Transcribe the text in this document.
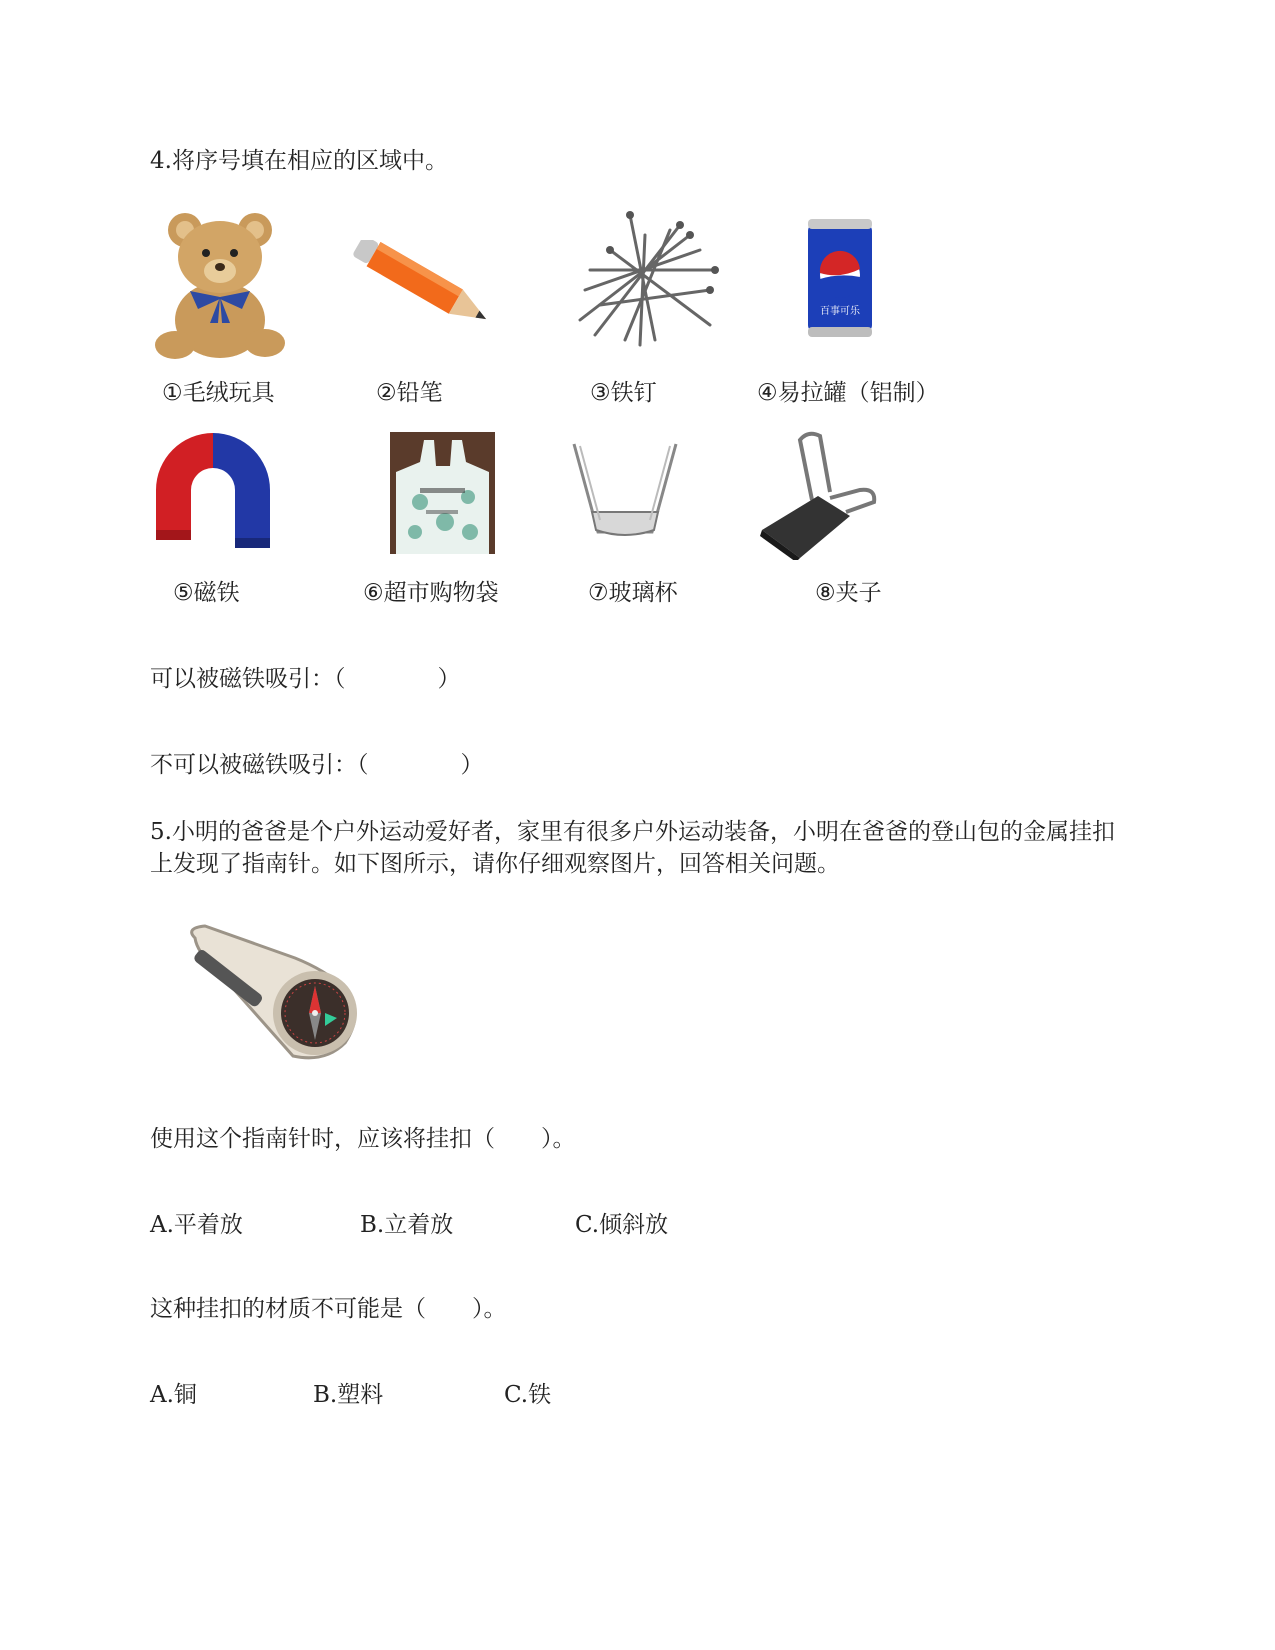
4.将序号填在相应的区域中。
百事可乐
①毛绒玩具	②铅笔	③铁钉	④易拉罐（铝制）
⑤磁铁	⑥超市购物袋	⑦玻璃杯	⑧夹子
可以被磁铁吸引：（　　　　）
不可以被磁铁吸引：（　　　　）
5.小明的爸爸是个户外运动爱好者，家里有很多户外运动装备，小明在爸爸的登山包的金属挂扣上发现了指南针。如下图所示，请你仔细观察图片，回答相关问题。
使用这个指南针时，应该将挂扣（　　）。
A.平着放	B.立着放	C.倾斜放
这种挂扣的材质不可能是（　　）。
A.铜	B.塑料	C.铁
